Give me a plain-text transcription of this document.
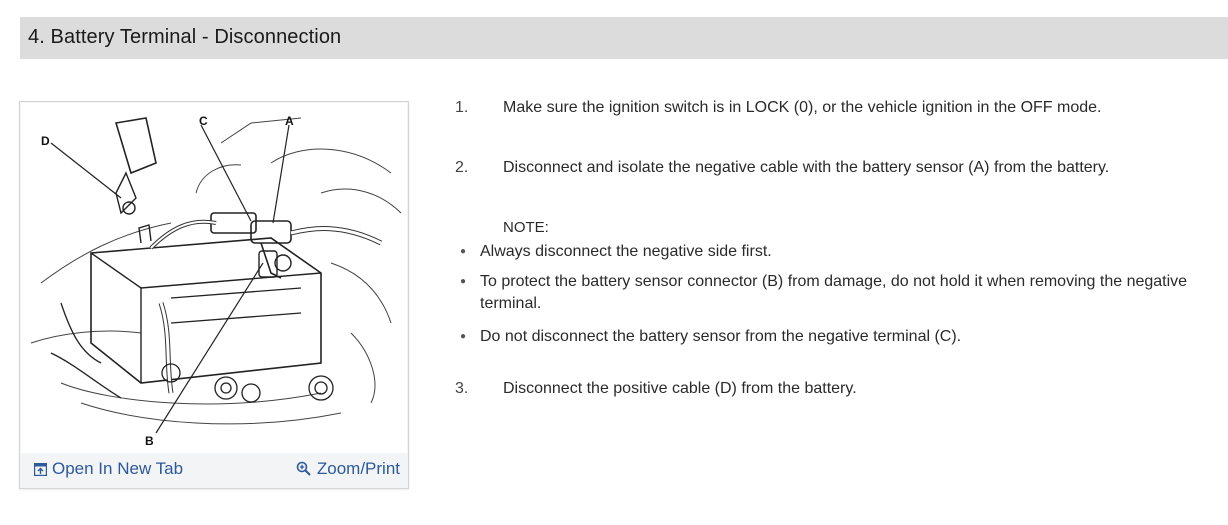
4. Battery Terminal - Disconnection
D
C	A
B
Open In New Tab	Zoom/Print
1.	Make sure the ignition switch is in LOCK (0), or the vehicle ignition in the OFF mode.
2.	Disconnect and isolate the negative cable with the battery sensor (A) from the battery.
NOTE:
● Always disconnect the negative side first.
● To protect the battery sensor connector (B) from damage, do not hold it when removing the negative terminal.
● Do not disconnect the battery sensor from the negative terminal (C).
3.	Disconnect the positive cable (D) from the battery.
